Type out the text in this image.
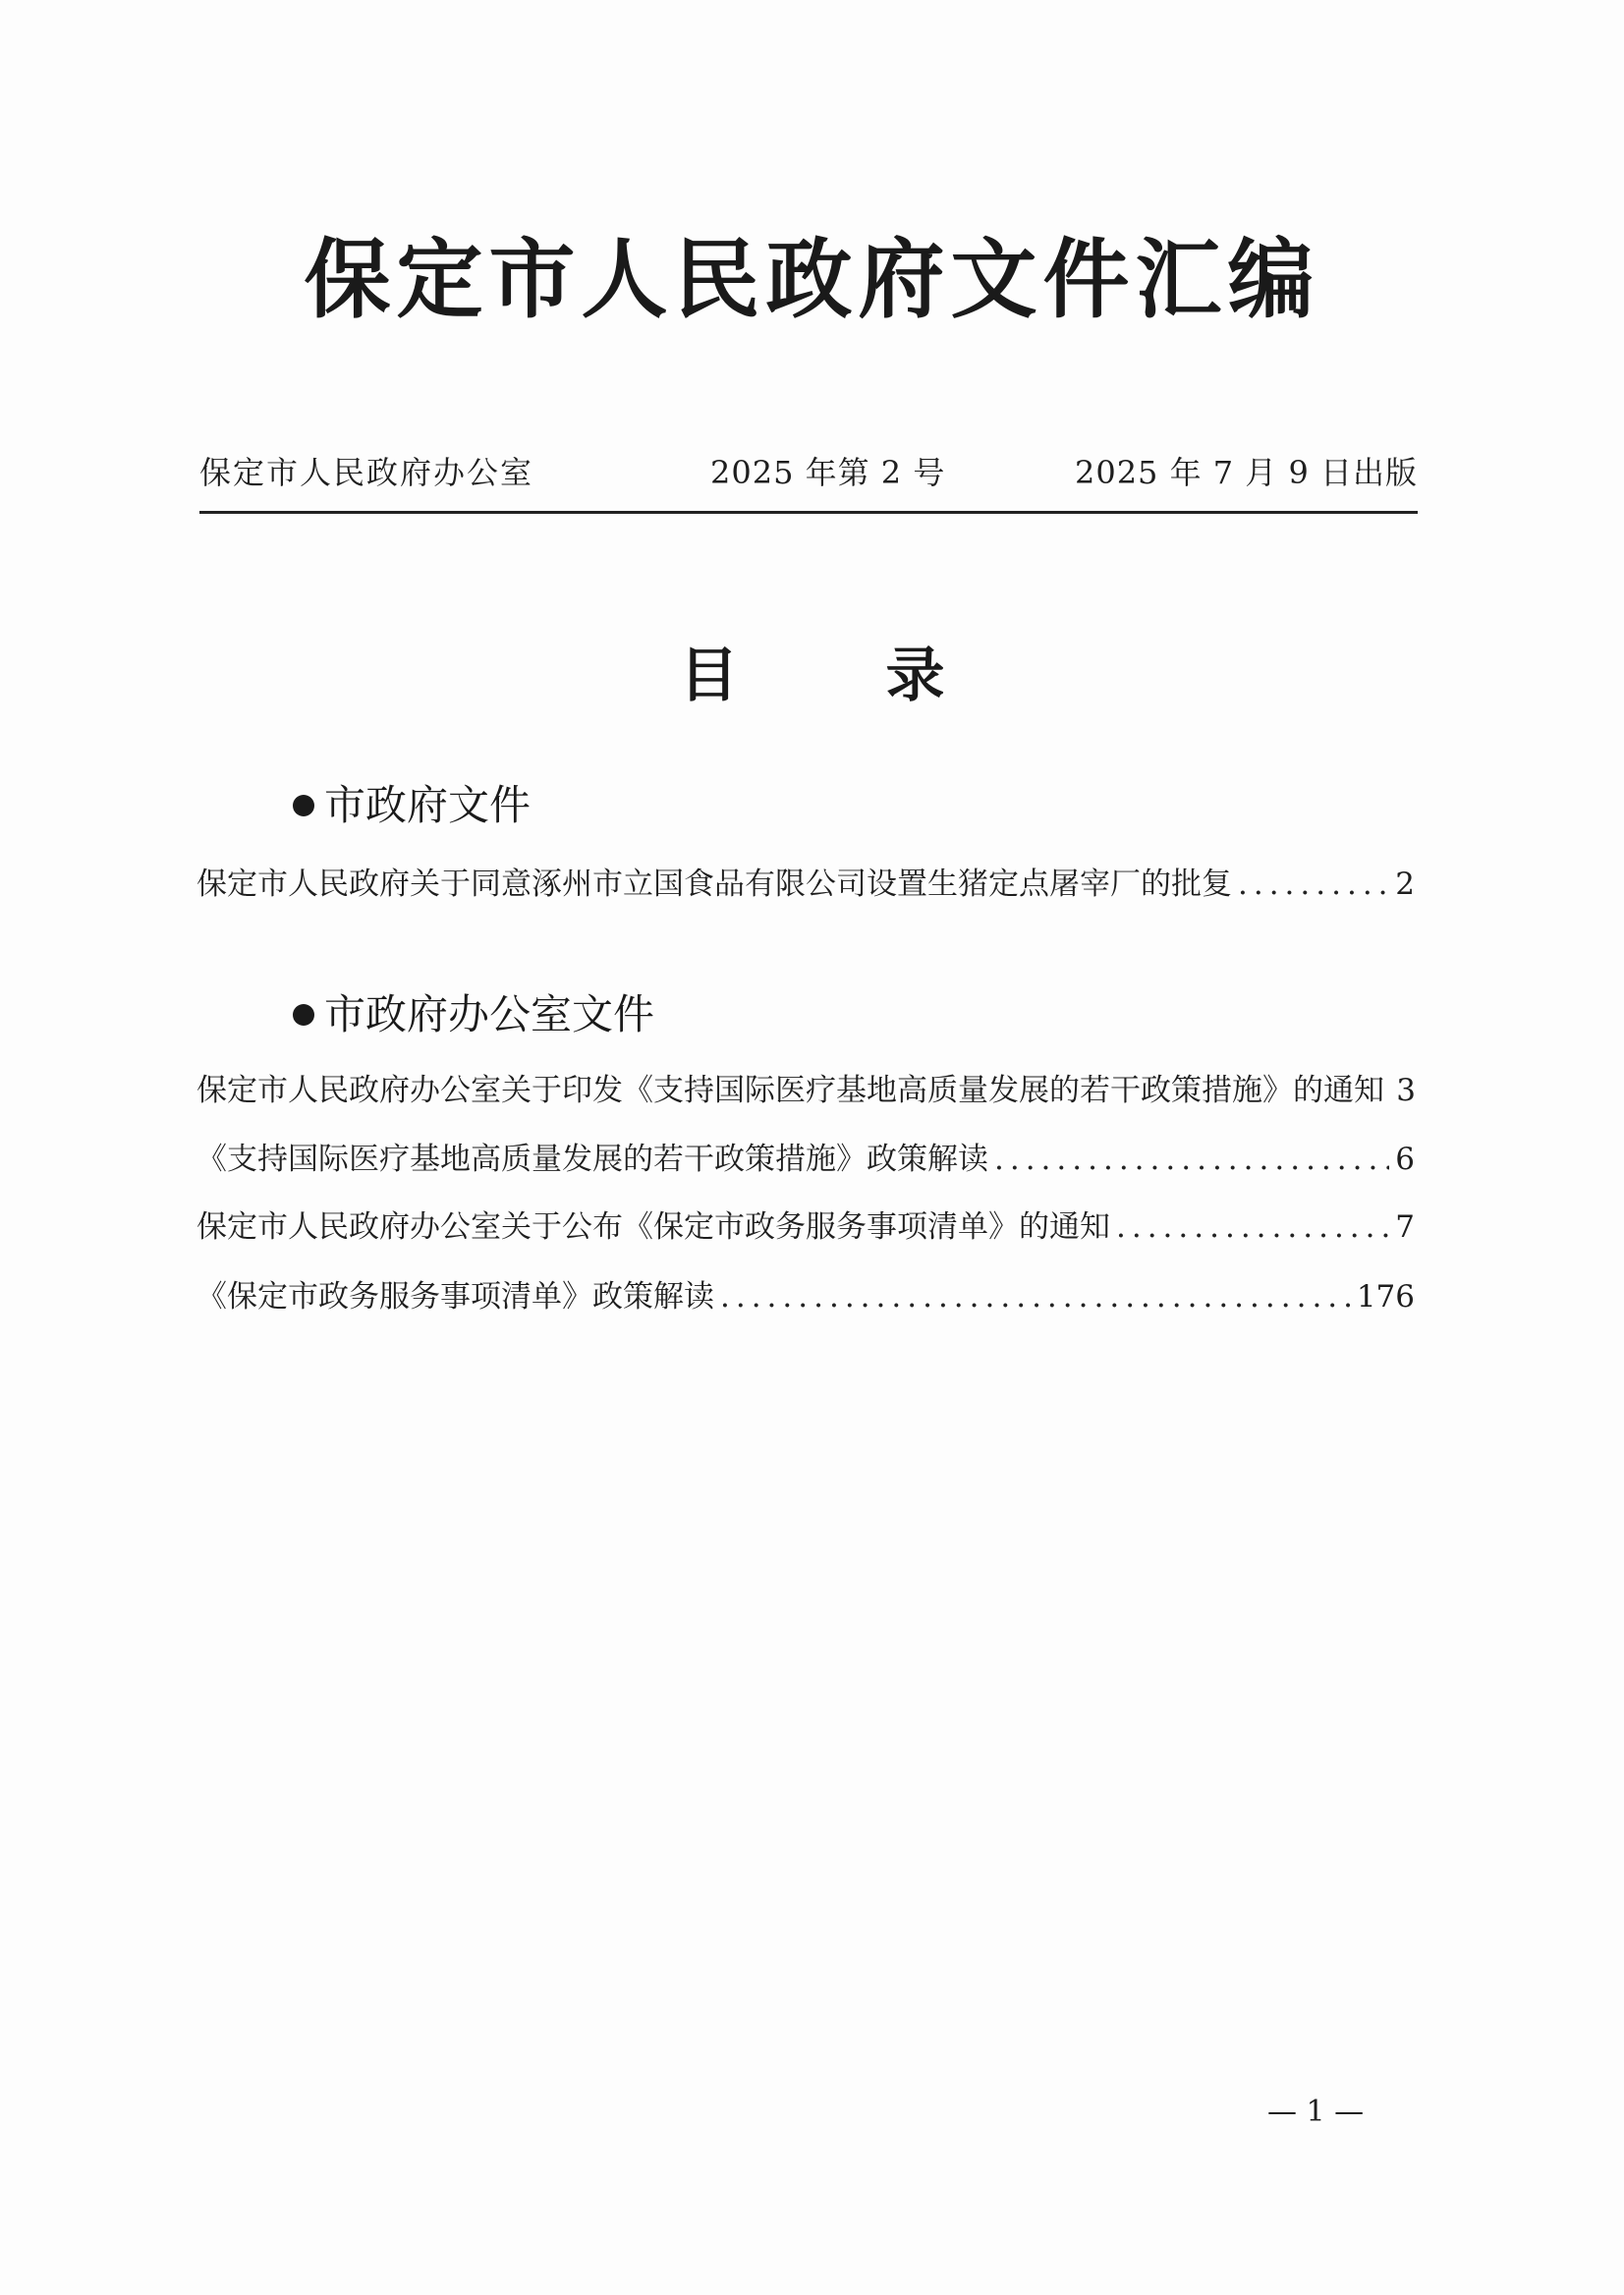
保定市人民政府文件汇编
保定市人民政府办公室	2025 年第 2 号	2025 年 7 月 9 日出版
目	录
市政府文件
保定市人民政府关于同意涿州市立国食品有限公司设置生猪定点屠宰厂的批复 .....	2
市政府办公室文件
保定市人民政府办公室关于印发《支持国际医疗基地高质量发展的若干政策措施》的通知 3
《支持国际医疗基地高质量发展的若干政策措施》政策解读 .....	6
保定市人民政府办公室关于公布《保定市政务服务事项清单》的通知 .....	7
《保定市政务服务事项清单》政策解读 .....	176
— 1 —
